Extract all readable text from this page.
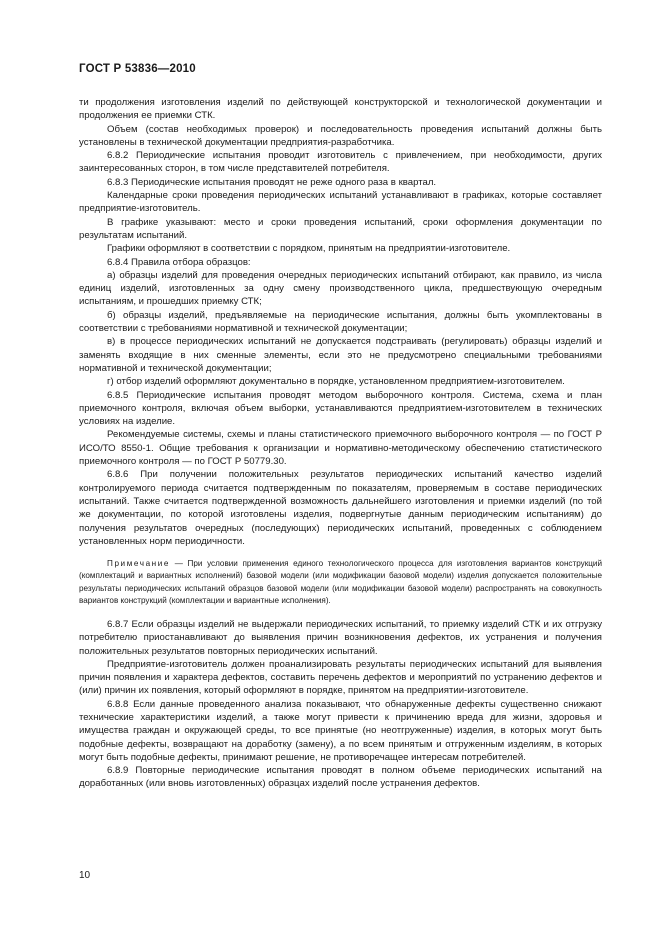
ГОСТ Р 53836—2010

ти продолжения изготовления изделий по действующей конструкторской и технологической документации и продолжения ее приемки СТК.

Объем (состав необходимых проверок) и последовательность проведения испытаний должны быть установлены в технической документации предприятия-разработчика.

6.8.2 Периодические испытания проводит изготовитель с привлечением, при необходимости, других заинтересованных сторон, в том числе представителей потребителя.

6.8.3 Периодические испытания проводят не реже одного раза в квартал.

Календарные сроки проведения периодических испытаний устанавливают в графиках, которые составляет предприятие-изготовитель.

В графике указывают: место и сроки проведения испытаний, сроки оформления документации по результатам испытаний.

Графики оформляют в соответствии с порядком, принятым на предприятии-изготовителе.

6.8.4 Правила отбора образцов:

а) образцы изделий для проведения очередных периодических испытаний отбирают, как правило, из числа единиц изделий, изготовленных за одну смену производственного цикла, предшествующую очередным испытаниям, и прошедших приемку СТК;

б) образцы изделий, предъявляемые на периодические испытания, должны быть укомплектованы в соответствии с требованиями нормативной и технической документации;

в) в процессе периодических испытаний не допускается подстраивать (регулировать) образцы изделий и заменять входящие в них сменные элементы, если это не предусмотрено специальными требованиями нормативной и технической документации;

г) отбор изделий оформляют документально в порядке, установленном предприятием-изготовителем.

6.8.5 Периодические испытания проводят методом выборочного контроля. Система, схема и план приемочного контроля, включая объем выборки, устанавливаются предприятием-изготовителем в технических условиях на изделие.

Рекомендуемые системы, схемы и планы статистического приемочного выборочного контроля — по ГОСТ Р ИСО/ТО 8550-1. Общие требования к организации и нормативно-методическому обеспечению статистического приемочного контроля — по ГОСТ Р 50779.30.

6.8.6 При получении положительных результатов периодических испытаний качество изделий контролируемого периода считается подтвержденным по показателям, проверяемым в составе периодических испытаний. Также считается подтвержденной возможность дальнейшего изготовления и приемки изделий (по той же документации, по которой изготовлены изделия, подвергнутые данным периодическим испытаниям) до получения результатов очередных (последующих) периодических испытаний, проведенных с соблюдением установленных норм периодичности.

Примечание — При условии применения единого технологического процесса для изготовления вариантов конструкций (комплектаций и вариантных исполнений) базовой модели (или модификации базовой модели) изделия допускается положительные результаты периодических испытаний образцов базовой модели (или модификации базовой модели) распространять на совокупность вариантов конструкций (комплектации и вариантные исполнения).

6.8.7 Если образцы изделий не выдержали периодических испытаний, то приемку изделий СТК и их отгрузку потребителю приостанавливают до выявления причин возникновения дефектов, их устранения и получения положительных результатов повторных периодических испытаний.

Предприятие-изготовитель должен проанализировать результаты периодических испытаний для выявления причин появления и характера дефектов, составить перечень дефектов и мероприятий по устранению дефектов и (или) причин их появления, который оформляют в порядке, принятом на предприятии-изготовителе.

6.8.8 Если данные проведенного анализа показывают, что обнаруженные дефекты существенно снижают технические характеристики изделий, а также могут привести к причинению вреда для жизни, здоровья и имущества граждан и окружающей среды, то все принятые (но неотгруженные) изделия, в которых могут быть подобные дефекты, возвращают на доработку (замену), а по всем принятым и отгруженным изделиям, в которых могут быть подобные дефекты, принимают решение, не противоречащее интересам потребителей.

6.8.9 Повторные периодические испытания проводят в полном объеме периодических испытаний на доработанных (или вновь изготовленных) образцах изделий после устранения дефектов.

10
